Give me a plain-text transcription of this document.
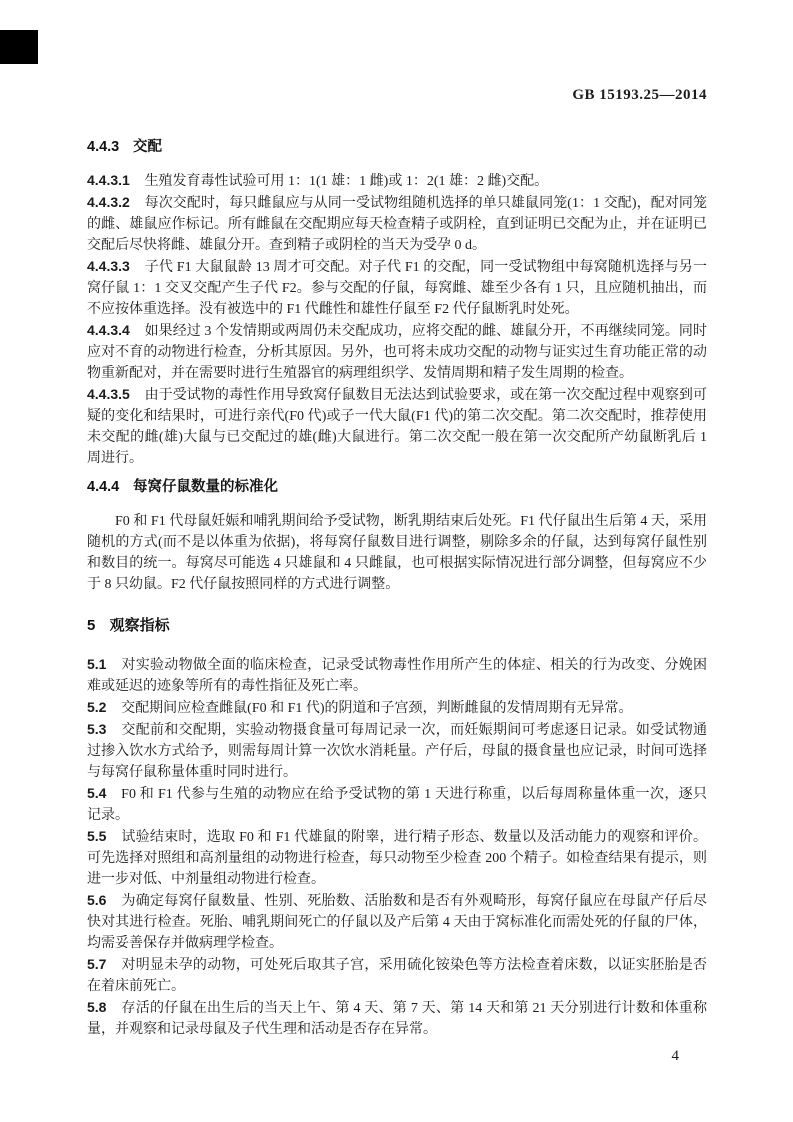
GB 15193.25—2014
4.4.3 交配

4.4.3.1 生殖发育毒性试验可用 1：1(1 雄：1 雌)或 1：2(1 雄：2 雌)交配。

4.4.3.2 每次交配时，每只雌鼠应与从同一受试物组随机选择的单只雄鼠同笼(1：1 交配)，配对同笼的雌、雄鼠应作标记。所有雌鼠在交配期应每天检查精子或阴栓，直到证明已交配为止，并在证明已交配后尽快将雌、雄鼠分开。查到精子或阴栓的当天为受孕 0 d。

4.4.3.3 子代 F1 大鼠鼠龄 13 周才可交配。对子代 F1 的交配，同一受试物组中每窝随机选择与另一窝仔鼠 1：1 交叉交配产生子代 F2。参与交配的仔鼠，每窝雌、雄至少各有 1 只，且应随机抽出，而不应按体重选择。没有被选中的 F1 代雌性和雄性仔鼠至 F2 代仔鼠断乳时处死。

4.4.3.4 如果经过 3 个发情期或两周仍未交配成功，应将交配的雌、雄鼠分开，不再继续同笼。同时应对不育的动物进行检查，分析其原因。另外，也可将未成功交配的动物与证实过生育功能正常的动物重新配对，并在需要时进行生殖器官的病理组织学、发情周期和精子发生周期的检查。

4.4.3.5 由于受试物的毒性作用导致窝仔鼠数目无法达到试验要求，或在第一次交配过程中观察到可疑的变化和结果时，可进行亲代(F0 代)或子一代大鼠(F1 代)的第二次交配。第二次交配时，推荐使用未交配的雌(雄)大鼠与已交配过的雄(雌)大鼠进行。第二次交配一般在第一次交配所产幼鼠断乳后 1 周进行。

4.4.4 每窝仔鼠数量的标准化

F0 和 F1 代母鼠妊娠和哺乳期间给予受试物，断乳期结束后处死。F1 代仔鼠出生后第 4 天，采用随机的方式(而不是以体重为依据)，将每窝仔鼠数目进行调整，剔除多余的仔鼠，达到每窝仔鼠性别和数目的统一。每窝尽可能选 4 只雄鼠和 4 只雌鼠，也可根据实际情况进行部分调整，但每窝应不少于 8 只幼鼠。F2 代仔鼠按照同样的方式进行调整。

5 观察指标

5.1 对实验动物做全面的临床检查，记录受试物毒性作用所产生的体症、相关的行为改变、分娩困难或延迟的迹象等所有的毒性指征及死亡率。

5.2 交配期间应检查雌鼠(F0 和 F1 代)的阴道和子宫颈，判断雌鼠的发情周期有无异常。

5.3 交配前和交配期，实验动物摄食量可每周记录一次，而妊娠期间可考虑逐日记录。如受试物通过掺入饮水方式给予，则需每周计算一次饮水消耗量。产仔后，母鼠的摄食量也应记录，时间可选择与每窝仔鼠称量体重时同时进行。

5.4 F0 和 F1 代参与生殖的动物应在给予受试物的第 1 天进行称重，以后每周称量体重一次，逐只记录。

5.5 试验结束时，选取 F0 和 F1 代雄鼠的附睾，进行精子形态、数量以及活动能力的观察和评价。可先选择对照组和高剂量组的动物进行检查，每只动物至少检查 200 个精子。如检查结果有提示，则进一步对低、中剂量组动物进行检查。

5.6 为确定每窝仔鼠数量、性别、死胎数、活胎数和是否有外观畸形，每窝仔鼠应在母鼠产仔后尽快对其进行检查。死胎、哺乳期间死亡的仔鼠以及产后第 4 天由于窝标准化而需处死的仔鼠的尸体，均需妥善保存并做病理学检查。

5.7 对明显未孕的动物，可处死后取其子宫，采用硫化铵染色等方法检查着床数，以证实胚胎是否在着床前死亡。

5.8 存活的仔鼠在出生后的当天上午、第 4 天、第 7 天、第 14 天和第 21 天分别进行计数和体重称量，并观察和记录母鼠及子代生理和活动是否存在异常。

4
